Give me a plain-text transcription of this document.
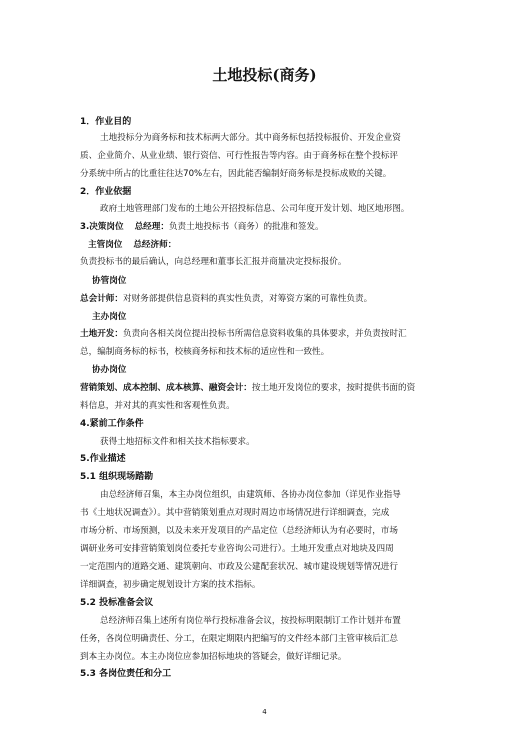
土地投标(商务)
1．作业目的
土地投标分为商务标和技术标两大部分。其中商务标包括投标报价、开发企业资
质、企业简介、从业业绩、银行资信、可行性报告等内容。由于商务标在整个投标评
分系统中所占的比重往往达70%左右，因此能否编制好商务标是投标成败的关键。
2．作业依据
政府土地管理部门发布的土地公开招投标信息、公司年度开发计划、地区地形图。
3.决策岗位 总经理：负责土地投标书（商务）的批准和签发。
主管岗位 总经济师：
负责投标书的最后确认，向总经理和董事长汇报并商量决定投标报价。
协管岗位
总会计师：对财务部提供信息资料的真实性负责，对筹资方案的可靠性负责。
主办岗位
土地开发：负责向各相关岗位提出投标书所需信息资料收集的具体要求，并负责按时汇
总，编制商务标的标书，校核商务标和技术标的适应性和一致性。
协办岗位
营销策划、成本控制、成本核算、融资会计：按土地开发岗位的要求，按时提供书面的资
料信息，并对其的真实性和客观性负责。
4.紧前工作条件
获得土地招标文件和相关技术指标要求。
5.作业描述
5.1 组织现场踏勘
由总经济师召集，本主办岗位组织，由建筑师、各协办岗位参加（详见作业指导
书《土地状况调查》）。其中营销策划重点对现时周边市场情况进行详细调查，完成
市场分析、市场预测，以及未来开发项目的产品定位（总经济师认为有必要时，市场
调研业务可安排营销策划岗位委托专业咨询公司进行）。土地开发重点对地块及四周
一定范围内的道路交通、建筑朝向、市政及公建配套状况、城市建设规划等情况进行
详细调查，初步确定规划设计方案的技术指标。
5.2 投标准备会议
总经济师召集上述所有岗位举行投标准备会议，按投标明限制订工作计划并布置
任务，各岗位明确责任、分工，在限定期限内把编写的文件经本部门主管审核后汇总
到本主办岗位。本主办岗位应参加招标地块的答疑会，做好详细记录。
5.3 各岗位责任和分工
4
